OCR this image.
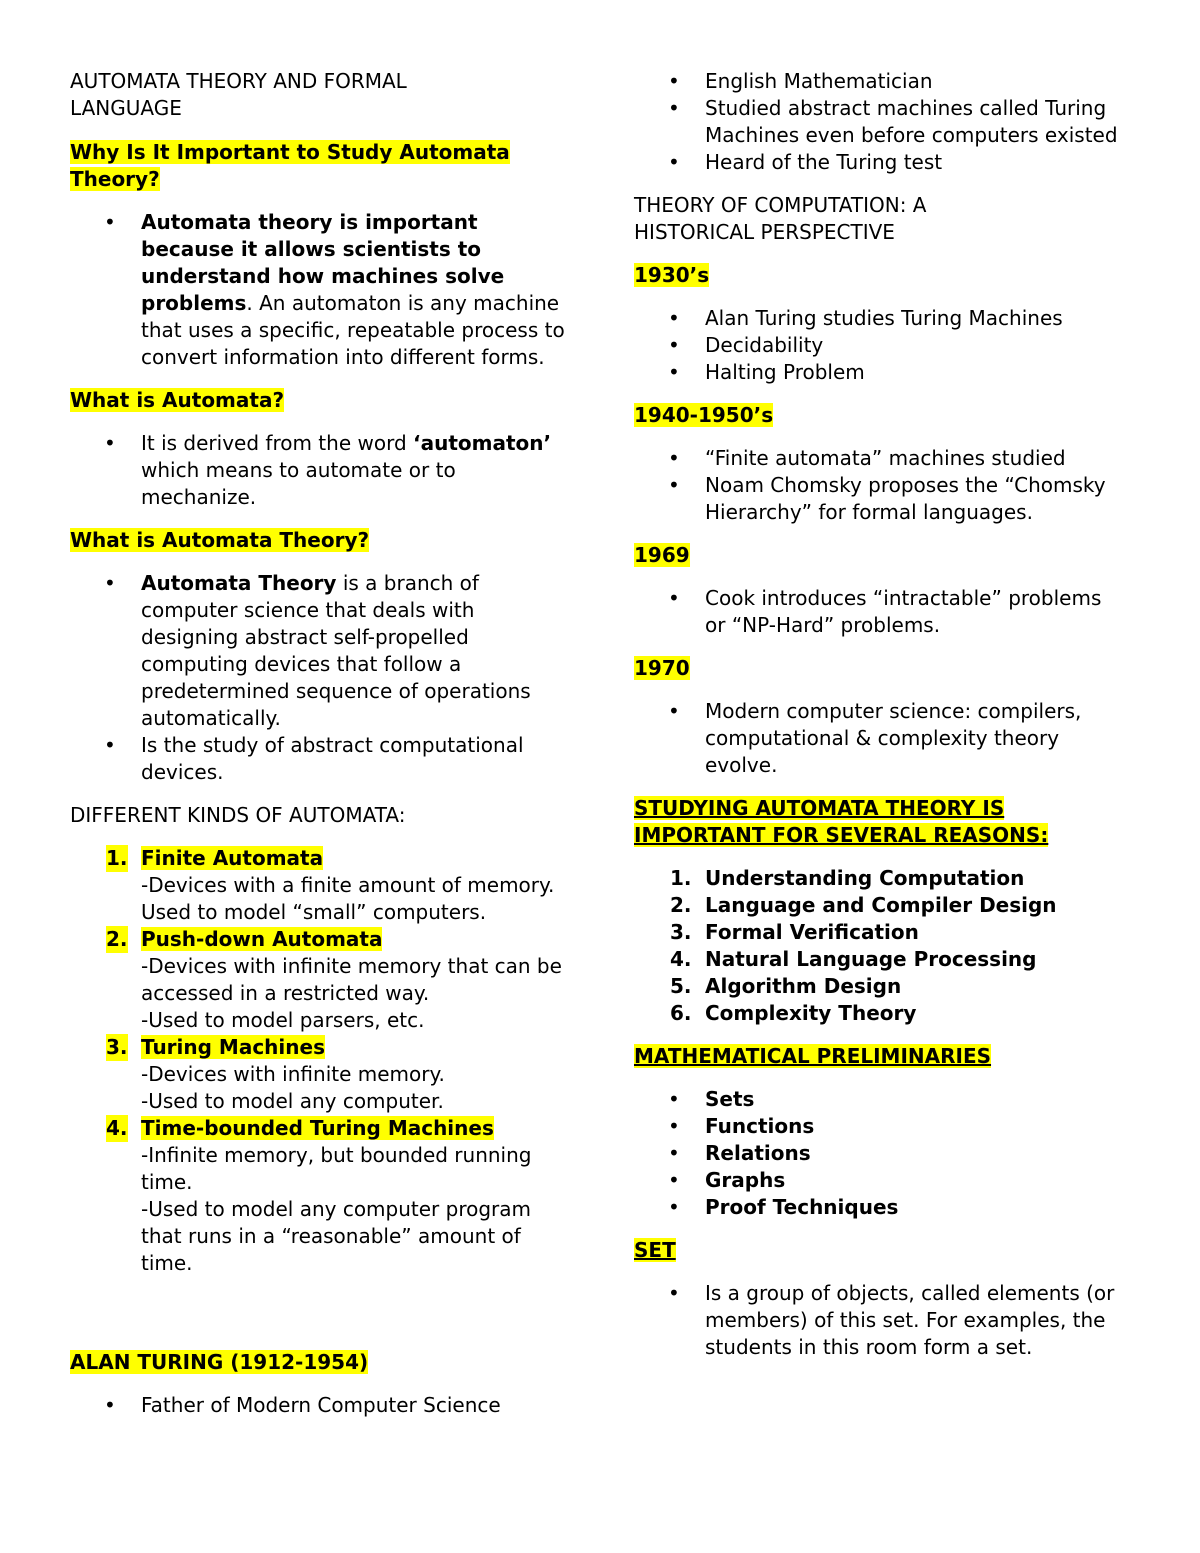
AUTOMATA THEORY AND FORMAL
LANGUAGE
Why Is It Important to Study Automata
Theory?
• Automata theory is important because it allows scientists to understand how machines solve problems. An automaton is any machine that uses a specific, repeatable process to convert information into different forms.
What is Automata?
• It is derived from the word ‘automaton’ which means to automate or to mechanize.
What is Automata Theory?
• Automata Theory is a branch of computer science that deals with designing abstract self-propelled computing devices that follow a predetermined sequence of operations automatically.
• Is the study of abstract computational devices.
DIFFERENT KINDS OF AUTOMATA:
1. Finite Automata
-Devices with a finite amount of memory. Used to model “small” computers.
2. Push-down Automata
-Devices with infinite memory that can be accessed in a restricted way.
-Used to model parsers, etc.
3. Turing Machines
-Devices with infinite memory.
-Used to model any computer.
4. Time-bounded Turing Machines
-Infinite memory, but bounded running time.
-Used to model any computer program that runs in a “reasonable” amount of time.
ALAN TURING (1912-1954)
• Father of Modern Computer Science
• English Mathematician
• Studied abstract machines called Turing Machines even before computers existed
• Heard of the Turing test
THEORY OF COMPUTATION: A
HISTORICAL PERSPECTIVE
1930’s
• Alan Turing studies Turing Machines
• Decidability
• Halting Problem
1940-1950’s
• “Finite automata” machines studied
• Noam Chomsky proposes the “Chomsky Hierarchy” for formal languages.
1969
• Cook introduces “intractable” problems or “NP-Hard” problems.
1970
• Modern computer science: compilers, computational & complexity theory evolve.
STUDYING AUTOMATA THEORY IS
IMPORTANT FOR SEVERAL REASONS:
1. Understanding Computation
2. Language and Compiler Design
3. Formal Verification
4. Natural Language Processing
5. Algorithm Design
6. Complexity Theory
MATHEMATICAL PRELIMINARIES
• Sets
• Functions
• Relations
• Graphs
• Proof Techniques
SET
• Is a group of objects, called elements (or members) of this set. For examples, the students in this room form a set.
